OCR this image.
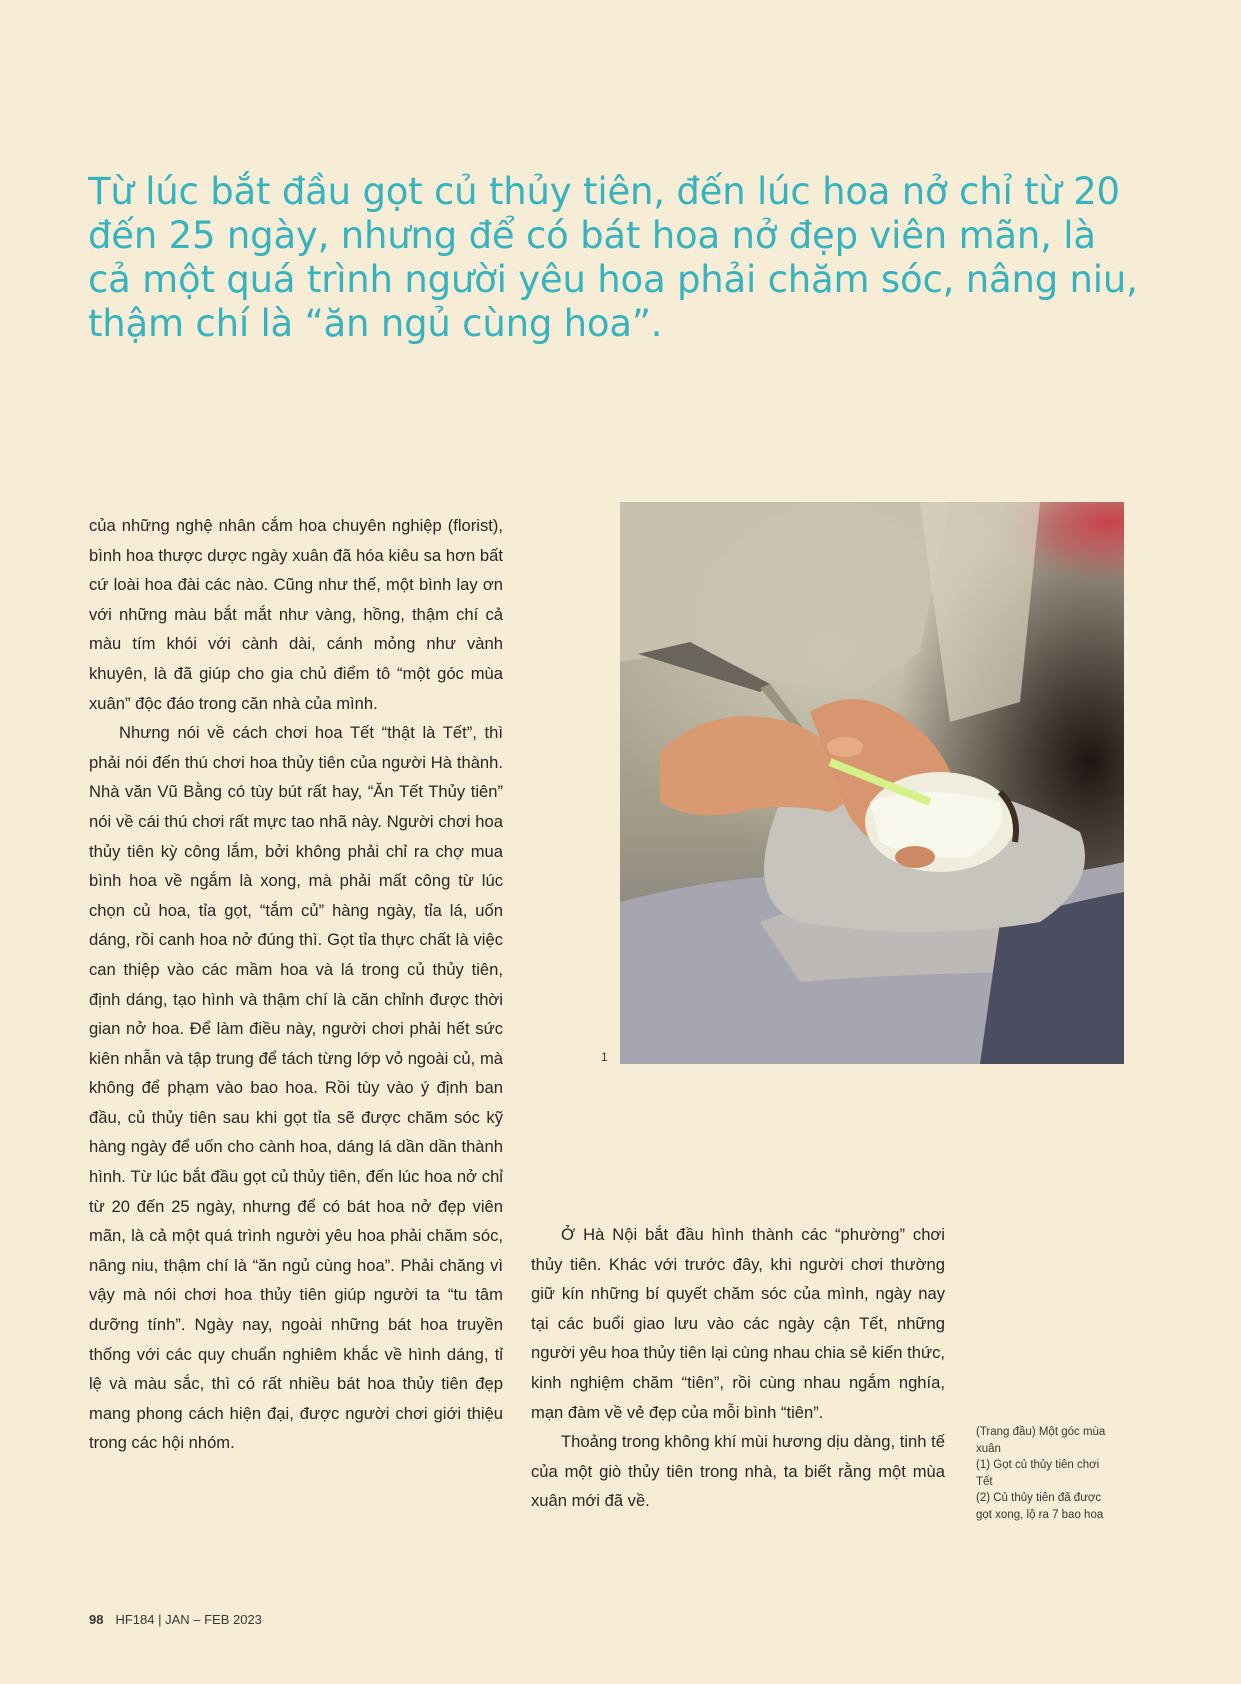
Từ lúc bắt đầu gọt củ thủy tiên, đến lúc hoa nở chỉ từ 20 đến 25 ngày, nhưng để có bát hoa nở đẹp viên mãn, là cả một quá trình người yêu hoa phải chăm sóc, nâng niu, thậm chí là “ăn ngủ cùng hoa”.

của những nghệ nhân cắm hoa chuyên nghiệp (florist), bình hoa thược dược ngày xuân đã hóa kiêu sa hơn bất cứ loài hoa đài các nào. Cũng như thế, một bình lay ơn với những màu bắt mắt như vàng, hồng, thậm chí cả màu tím khói với cành dài, cánh mỏng như vành khuyên, là đã giúp cho gia chủ điểm tô “một góc mùa xuân” độc đáo trong căn nhà của mình.

Nhưng nói về cách chơi hoa Tết “thật là Tết”, thì phải nói đến thú chơi hoa thủy tiên của người Hà thành. Nhà văn Vũ Bằng có tùy bút rất hay, “Ăn Tết Thủy tiên” nói về cái thú chơi rất mực tao nhã này. Người chơi hoa thủy tiên kỳ công lắm, bởi không phải chỉ ra chợ mua bình hoa về ngắm là xong, mà phải mất công từ lúc chọn củ hoa, tỉa gọt, “tắm củ” hàng ngày, tỉa lá, uốn dáng, rồi canh hoa nở đúng thì. Gọt tỉa thực chất là việc can thiệp vào các mầm hoa và lá trong củ thủy tiên, định dáng, tạo hình và thậm chí là căn chỉnh được thời gian nở hoa. Để làm điều này, người chơi phải hết sức kiên nhẫn và tập trung để tách từng lớp vỏ ngoài củ, mà không để phạm vào bao hoa. Rồi tùy vào ý định ban đầu, củ thủy tiên sau khi gọt tỉa sẽ được chăm sóc kỹ hàng ngày để uốn cho cành hoa, dáng lá dần dần thành hình. Từ lúc bắt đầu gọt củ thủy tiên, đến lúc hoa nở chỉ từ 20 đến 25 ngày, nhưng để có bát hoa nở đẹp viên mãn, là cả một quá trình người yêu hoa phải chăm sóc, nâng niu, thậm chí là “ăn ngủ cùng hoa”. Phải chăng vì vậy mà nói chơi hoa thủy tiên giúp người ta “tu tâm dưỡng tính”. Ngày nay, ngoài những bát hoa truyền thống với các quy chuẩn nghiêm khắc về hình dáng, tỉ lệ và màu sắc, thì có rất nhiều bát hoa thủy tiên đẹp mang phong cách hiện đại, được người chơi giới thiệu trong các hội nhóm.

1

Ở Hà Nội bắt đầu hình thành các “phường” chơi thủy tiên. Khác với trước đây, khi người chơi thường giữ kín những bí quyết chăm sóc của mình, ngày nay tại các buổi giao lưu vào các ngày cận Tết, những người yêu hoa thủy tiên lại cùng nhau chia sẻ kiến thức, kinh nghiệm chăm “tiên”, rồi cùng nhau ngắm nghía, mạn đàm về vẻ đẹp của mỗi bình “tiên”.

Thoảng trong không khí mùi hương dịu dàng, tinh tế của một giò thủy tiên trong nhà, ta biết rằng một mùa xuân mới đã về.

(Trang đầu) Một góc mùa xuân
(1) Gọt củ thủy tiên chơi Tết
(2) Củ thủy tiên đã được gọt xong, lộ ra 7 bao hoa
98 HF184 | JAN – FEB 2023
